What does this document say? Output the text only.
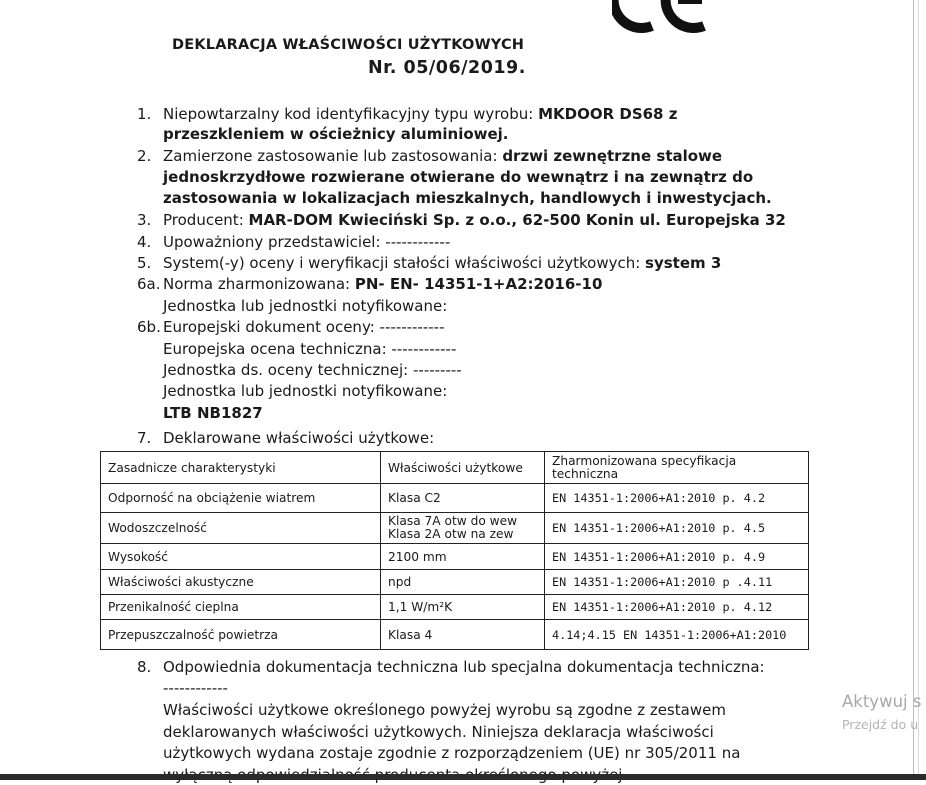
DEKLARACJA WŁAŚCIWOŚCI UŻYTKOWYCH
Nr. 05/06/2019.
1. Niepowtarzalny kod identyfikacyjny typu wyrobu: MKDOOR DS68 z
przeszkleniem w ościeżnicy aluminiowej.
2. Zamierzone zastosowanie lub zastosowania: drzwi zewnętrzne stalowe
jednoskrzydłowe rozwierane otwierane do wewnątrz i na zewnątrz do
zastosowania w lokalizacjach mieszkalnych, handlowych i inwestycjach.
3. Producent: MAR-DOM Kwieciński Sp. z o.o., 62-500 Konin ul. Europejska 32
4. Upoważniony przedstawiciel: ------------
5. System(-y) oceny i weryfikacji stałości właściwości użytkowych: system 3
6a. Norma zharmonizowana: PN- EN- 14351-1+A2:2016-10
Jednostka lub jednostki notyfikowane:
6b. Europejski dokument oceny: ------------
Europejska ocena techniczna: ------------
Jednostka ds. oceny technicznej: ---------
Jednostka lub jednostki notyfikowane:
LTB NB1827
7. Deklarowane właściwości użytkowe:
Zasadnicze charakterystyki	Właściwości użytkowe	Zharmonizowana specyfikacja
techniczna

Odporność na obciążenie wiatrem	Klasa C2	EN 14351-1:2006+A1:2010 p. 4.2
Wodoszczelność	Klasa 7A otw do wew
Klasa 2A otw na zew	EN 14351-1:2006+A1:2010 p. 4.5
Wysokość	2100 mm	EN 14351-1:2006+A1:2010 p. 4.9
Właściwości akustyczne	npd	EN 14351-1:2006+A1:2010 p .4.11
Przenikalność cieplna	1,1 W/m²K	EN 14351-1:2006+A1:2010 p. 4.12
Przepuszczalność powietrza	Klasa 4	4.14;4.15 EN 14351-1:2006+A1:2010
8. Odpowiednia dokumentacja techniczna lub specjalna dokumentacja techniczna:
------------
Właściwości użytkowe określonego powyżej wyrobu są zgodne z zestawem
deklarowanych właściwości użytkowych. Niniejsza deklaracja właściwości
użytkowych wydana zostaje zgodnie z rozporządzeniem (UE) nr 305/2011 na
Aktywuj s
Przejdź do u
